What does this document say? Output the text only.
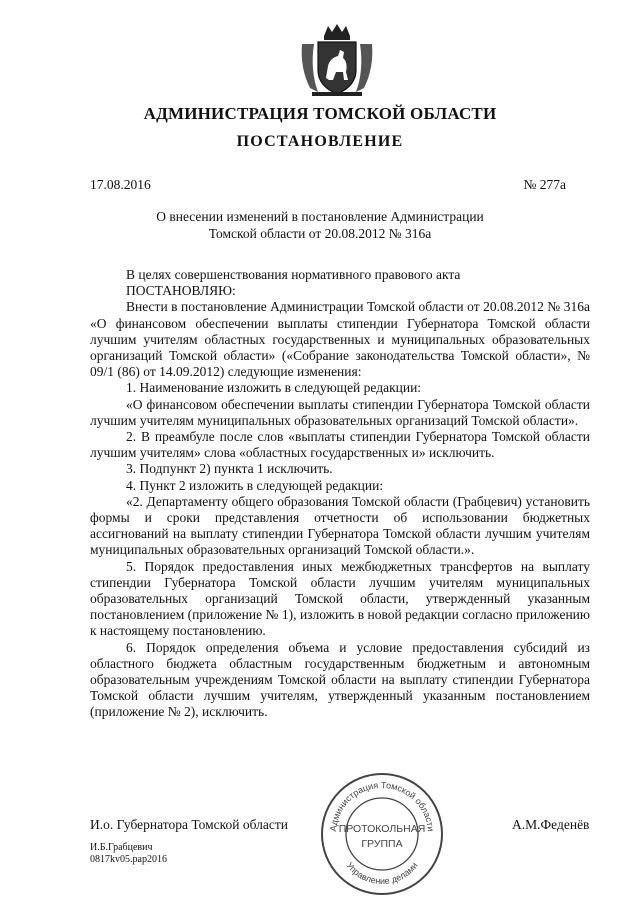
АДМИНИСТРАЦИЯ ТОМСКОЙ ОБЛАСТИ
ПОСТАНОВЛЕНИЕ
17.08.2016	№ 277а
О внесении изменений в постановление Администрации
Томской области от 20.08.2012 № 316а

В целях совершенствования нормативного правового акта

ПОСТАНОВЛЯЮ:

Внести в постановление Администрации Томской области от 20.08.2012 № 316а «О финансовом обеспечении выплаты стипендии Губернатора Томской области лучшим учителям областных государственных и муниципальных образовательных организаций Томской области» («Собрание законодательства Томской области», № 09/1 (86) от 14.09.2012) следующие изменения:

1. Наименование изложить в следующей редакции:

«О финансовом обеспечении выплаты стипендии Губернатора Томской области лучшим учителям муниципальных образовательных организаций Томской области».

2. В преамбуле после слов «выплаты стипендии Губернатора Томской области лучшим учителям» слова «областных государственных и» исключить.

3. Подпункт 2) пункта 1 исключить.

4. Пункт 2 изложить в следующей редакции:

«2. Департаменту общего образования Томской области (Грабцевич) установить формы и сроки представления отчетности об использовании бюджетных ассигнований на выплату стипендии Губернатора Томской области лучшим учителям муниципальных образовательных организаций Томской области.».

5. Порядок предоставления иных межбюджетных трансфертов на выплату стипендии Губернатора Томской области лучшим учителям муниципальных образовательных организаций Томской области, утвержденный указанным постановлением (приложение № 1), изложить в новой редакции согласно приложению к настоящему постановлению.

6. Порядок определения объема и условие предоставления субсидий из областного бюджета областным государственным бюджетным и автономным образовательным учреждениям Томской области на выплату стипендии Губернатора Томской области лучшим учителям, утвержденный указанным постановлением (приложение № 2), исключить.

И.о. Губернатора Томской области	А.М.Феденёв
И.Б.Грабцевич
0817kv05.pap2016
Администрация Томской области
Управление делами
ПРОТОКОЛЬНАЯ
ГРУППА
